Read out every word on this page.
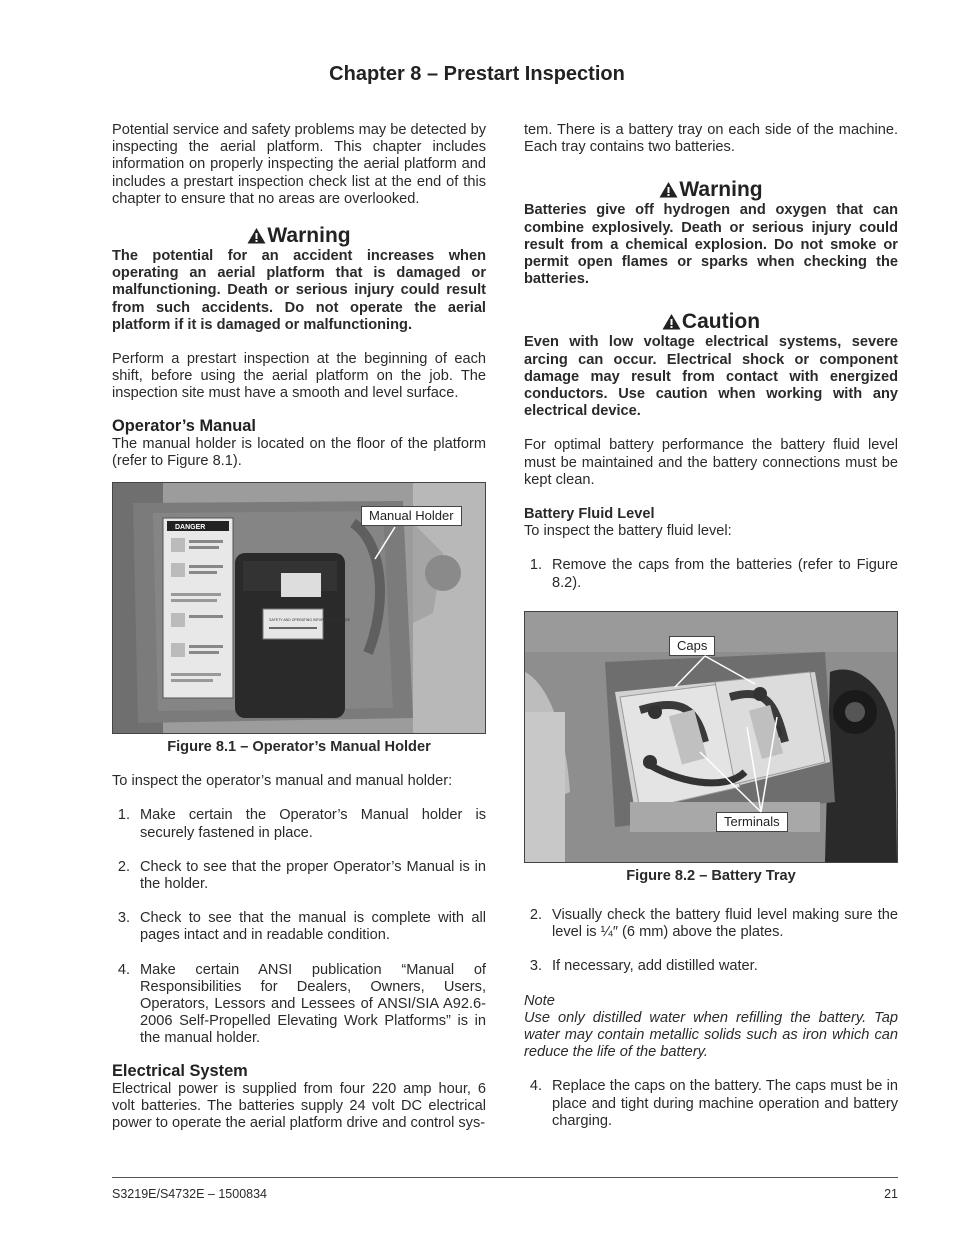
Chapter 8 – Prestart Inspection

Potential service and safety problems may be detected by inspecting the aerial platform. This chapter includes information on properly inspecting the aerial platform and includes a prestart inspection check list at the end of this chapter to ensure that no areas are overlooked.

Warning

The potential for an accident increases when operating an aerial platform that is damaged or malfunctioning. Death or serious injury could result from such accidents. Do not operate the aerial platform if it is damaged or malfunctioning.

Perform a prestart inspection at the beginning of each shift, before using the aerial platform on the job. The inspection site must have a smooth and level surface.

Operator’s Manual

The manual holder is located on the floor of the platform (refer to Figure 8.1).

DANGER
SAFETY AND OPERATING INFORMATION INSIDE
Manual Holder
Figure 8.1 – Operator’s Manual Holder

To inspect the operator’s manual and manual holder:

1. Make certain the Operator’s Manual holder is securely fastened in place.
2. Check to see that the proper Operator’s Manual is in the holder.
3. Check to see that the manual is complete with all pages intact and in readable condition.
4. Make certain ANSI publication “Manual of Responsibilities for Dealers, Owners, Users, Operators, Lessors and Lessees of ANSI/SIA A92.6-2006 Self-Propelled Elevating Work Platforms” is in the manual holder.
Electrical System

Electrical power is supplied from four 220 amp hour, 6 volt batteries. The batteries supply 24 volt DC electrical power to operate the aerial platform drive and control sys-

tem. There is a battery tray on each side of the machine. Each tray contains two batteries.

Warning

Batteries give off hydrogen and oxygen that can combine explosively. Death or serious injury could result from a chemical explosion. Do not smoke or permit open flames or sparks when checking the batteries.

Caution

Even with low voltage electrical systems, severe arcing can occur. Electrical shock or component damage may result from contact with energized conductors. Use caution when working with any electrical device.

For optimal battery performance the battery fluid level must be maintained and the battery connections must be kept clean.

Battery Fluid Level

To inspect the battery fluid level:

1. Remove the caps from the batteries (refer to Figure 8.2).
Caps
Terminals
Figure 8.2 – Battery Tray
2. Visually check the battery fluid level making sure the level is ¼″ (6 mm) above the plates.
3. If necessary, add distilled water.

Note

Use only distilled water when refilling the battery. Tap water may contain metallic solids such as iron which can reduce the life of the battery.

4. Replace the caps on the battery. The caps must be in place and tight during machine operation and battery charging.
S3219E/S4732E – 1500834	21
